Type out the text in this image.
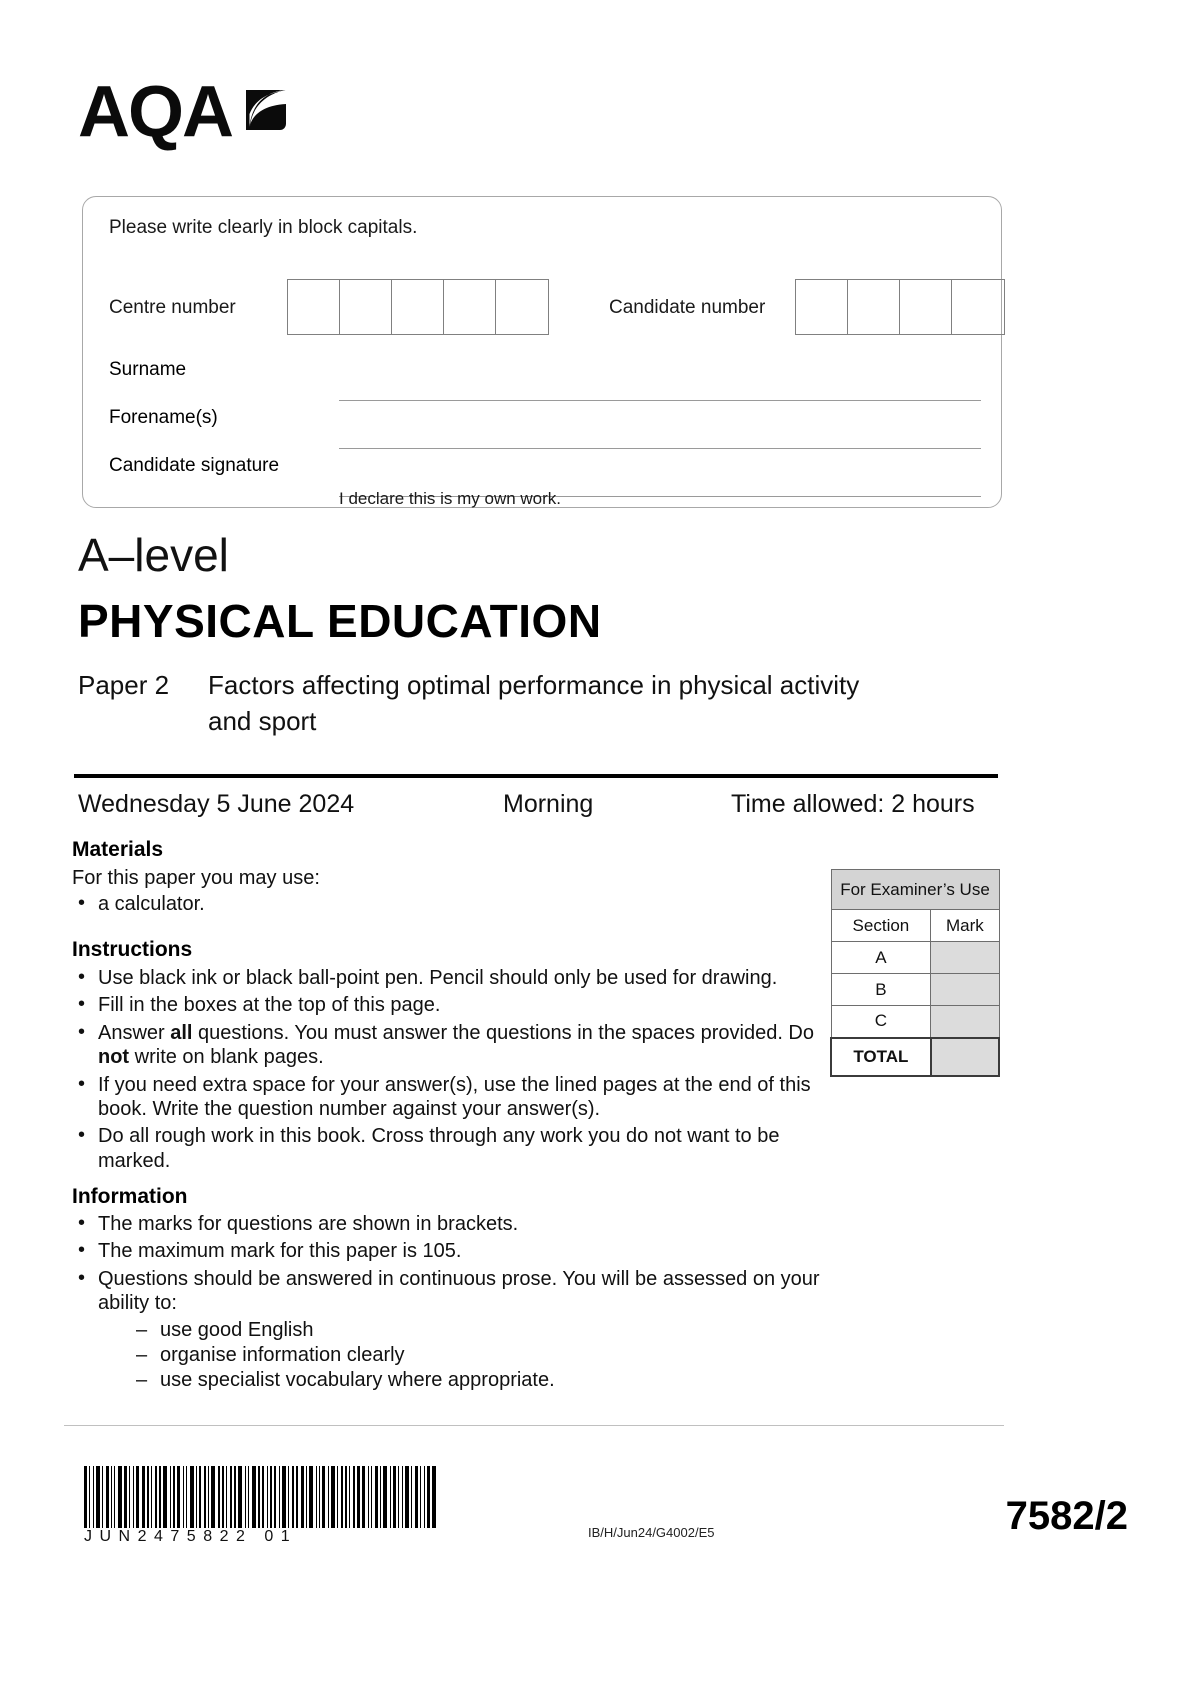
AQA
Please write clearly in block capitals.
Centre number	Candidate number
Surname
Forename(s)
Candidate signature
I declare this is my own work.
A–level
PHYSICAL EDUCATION
Paper 2 Factors affecting optimal performance in physical activity
and sport
Wednesday 5 June 2024	Morning	Time allowed: 2 hours
Materials
For this paper you may use:
• a calculator.
Instructions
• Use black ink or black ball-point pen. Pencil should only be used for drawing.
• Fill in the boxes at the top of this page.
• Answer all questions. You must answer the questions in the spaces provided. Do not write on blank pages.
• If you need extra space for your answer(s), use the lined pages at the end of this book. Write the question number against your answer(s).
• Do all rough work in this book. Cross through any work you do not want to be marked.
Information
• The marks for questions are shown in brackets.
• The maximum mark for this paper is 105.
• Questions should be answered in continuous prose. You will be assessed on your ability to:
– use good English
– organise information clearly
– use specialist vocabulary where appropriate.
For Examiner’s Use	
Section	Mark
A	
B	
C	
TOTAL	
JUN2475822 01	IB/H/Jun24/G4002/E5	7582/2
